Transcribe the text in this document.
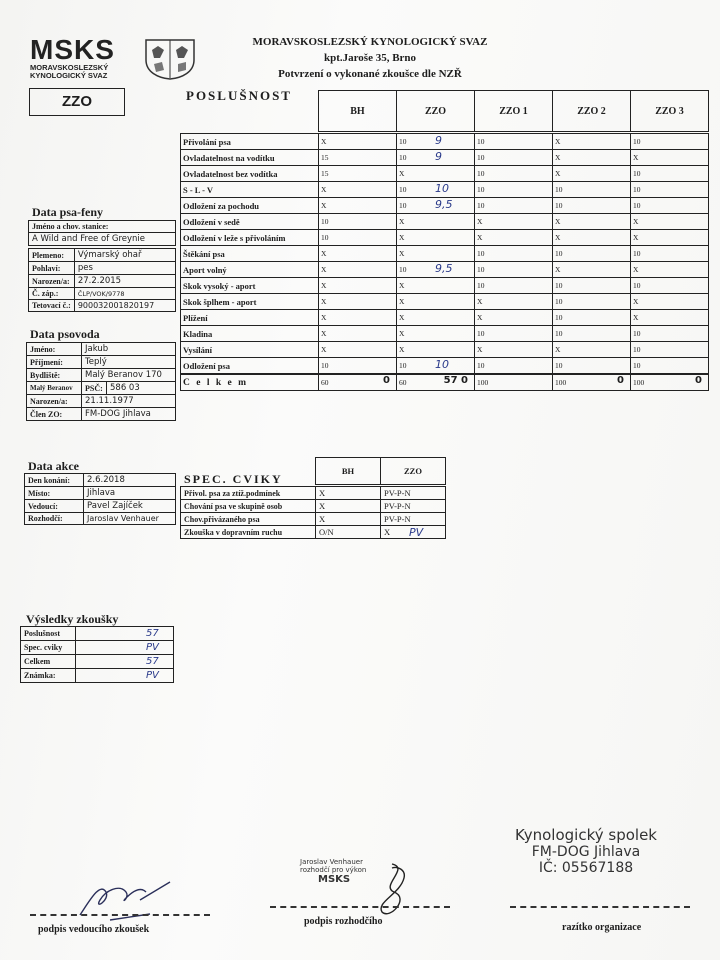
MSKS
MORAVSKOSLEZSKÝ
KYNOLOGICKÝ SVAZ
MORAVSKOSLEZSKÝ KYNOLOGICKÝ SVAZ
kpt.Jaroše 35, Brno
Potvrzení o vykonané zkoušce dle NZŘ
ZZO	POSLUŠNOST
BH	ZZO	ZZO 1	ZZO 2	ZZO 3
Přivolání psa	X	10 9	10	X	10
Ovladatelnost na vodítku	15	10 9	10	X	X
Ovladatelnost bez vodítka	15	X	10	X	10
S - L - V	X	10 10	10	10	10
Odložení za pochodu	X	10 9,5	10	10	10
Odložení v sedě	10	X	X	X	X
Odložení v leže s přivoláním	10	X	X	X	X
Štěkání psa	X	X	10	10	10
Aport volný	X	10 9,5	10	X	X
Skok vysoký - aport	X	X	10	10	10
Skok šplhem - aport	X	X	X	10	X
Plížení	X	X	X	10	X
Kladina	X	X	10	10	10
Vysílání	X	X	X	X	10
Odložení psa	10	10 10	10	10	10
C e l k e m	60 0	60 57 0	100	100 0	100 0
Data psa-feny
Jméno a chov. stanice:
A Wild and Free of Greynie
Plemeno:	Výmarský ohař
Pohlaví:	pes
Narozen/a:	27.2.2015
Č. záp.:	ČLP/VOK/9778
Tetovací č.:	900032001820197
Data psovoda
Jméno:	Jakub	
Příjmení:	Teplý	
Bydliště:	Malý Beranov 170	
Malý Beranov	PSČ:	586 03
Narozen/a:	21.11.1977	
Člen ZO:	FM-DOG Jihlava	
Data akce
Den konání:	2.6.2018
Místo:	Jihlava
Vedoucí:	Pavel Zajíček
Rozhodčí:	Jaroslav Venhauer
SPEC. CVIKY
BH	ZZO
Přivol. psa za ztíž.podmínek	X	PV-P-N
Chování psa ve skupině osob	X	PV-P-N
Chov.přivázaného psa	X	PV-P-N
Zkouška v dopravním ruchu	O/N	X PV
Výsledky zkoušky
Poslušnost	57
Spec. cviky	PV
Celkem	57
Známka:	PV
Kynologický spolek
FM-DOG Jihlava
IČ: 05567188
Jaroslav Venhauer
rozhodčí pro výkon
MSKS
podpis vedoucího zkoušek
podpis rozhodčího
razítko organizace
